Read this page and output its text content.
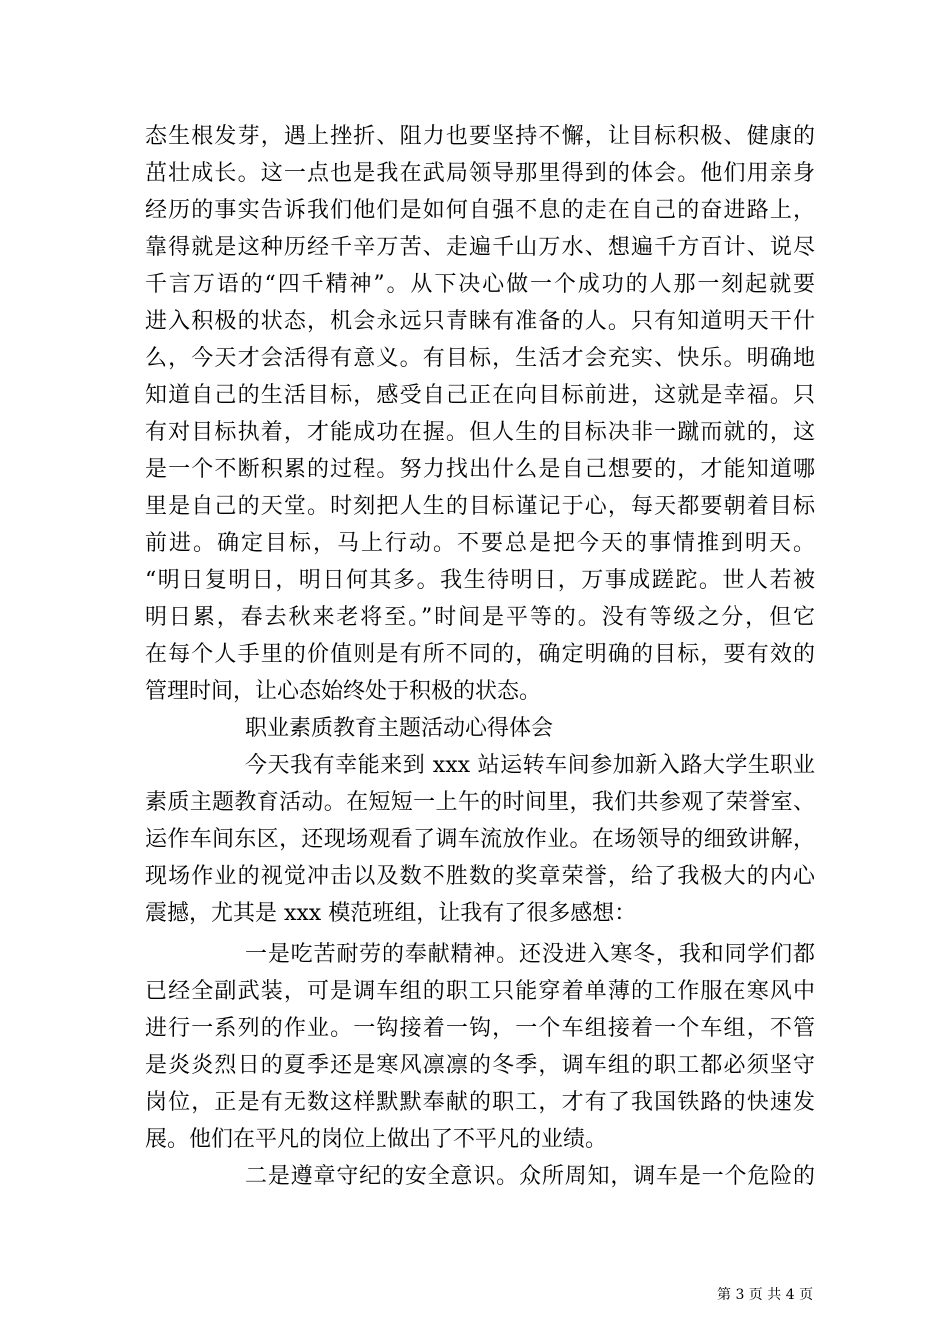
态生根发芽，遇上挫折、阻力也要坚持不懈，让目标积极、健康的
茁壮成长。这一点也是我在武局领导那里得到的体会。他们用亲身
经历的事实告诉我们他们是如何自强不息的走在自己的奋进路上，
靠得就是这种历经千辛万苦、走遍千山万水、想遍千方百计、说尽
千言万语的“四千精神”。从下决心做一个成功的人那一刻起就要
进入积极的状态，机会永远只青睐有准备的人。只有知道明天干什
么，今天才会活得有意义。有目标，生活才会充实、快乐。明确地
知道自己的生活目标，感受自己正在向目标前进，这就是幸福。只
有对目标执着，才能成功在握。但人生的目标决非一蹴而就的，这
是一个不断积累的过程。努力找出什么是自己想要的，才能知道哪
里是自己的天堂。时刻把人生的目标谨记于心，每天都要朝着目标
前进。确定目标，马上行动。不要总是把今天的事情推到明天。
“明日复明日，明日何其多。我生待明日，万事成蹉跎。世人若被
明日累，春去秋来老将至。”时间是平等的。没有等级之分，但它
在每个人手里的价值则是有所不同的，确定明确的目标，要有效的
管理时间，让心态始终处于积极的状态。
职业素质教育主题活动心得体会
今天我有幸能来到 xxx 站运转车间参加新入路大学生职业
素质主题教育活动。在短短一上午的时间里，我们共参观了荣誉室、
运作车间东区，还现场观看了调车流放作业。在场领导的细致讲解，
现场作业的视觉冲击以及数不胜数的奖章荣誉，给了我极大的内心
震撼，尤其是 xxx 模范班组，让我有了很多感想：
一是吃苦耐劳的奉献精神。还没进入寒冬，我和同学们都
已经全副武装，可是调车组的职工只能穿着单薄的工作服在寒风中
进行一系列的作业。一钩接着一钩，一个车组接着一个车组，不管
是炎炎烈日的夏季还是寒风凛凛的冬季，调车组的职工都必须坚守
岗位，正是有无数这样默默奉献的职工，才有了我国铁路的快速发
展。他们在平凡的岗位上做出了不平凡的业绩。
二是遵章守纪的安全意识。众所周知，调车是一个危险的
第 3 页 共 4 页
